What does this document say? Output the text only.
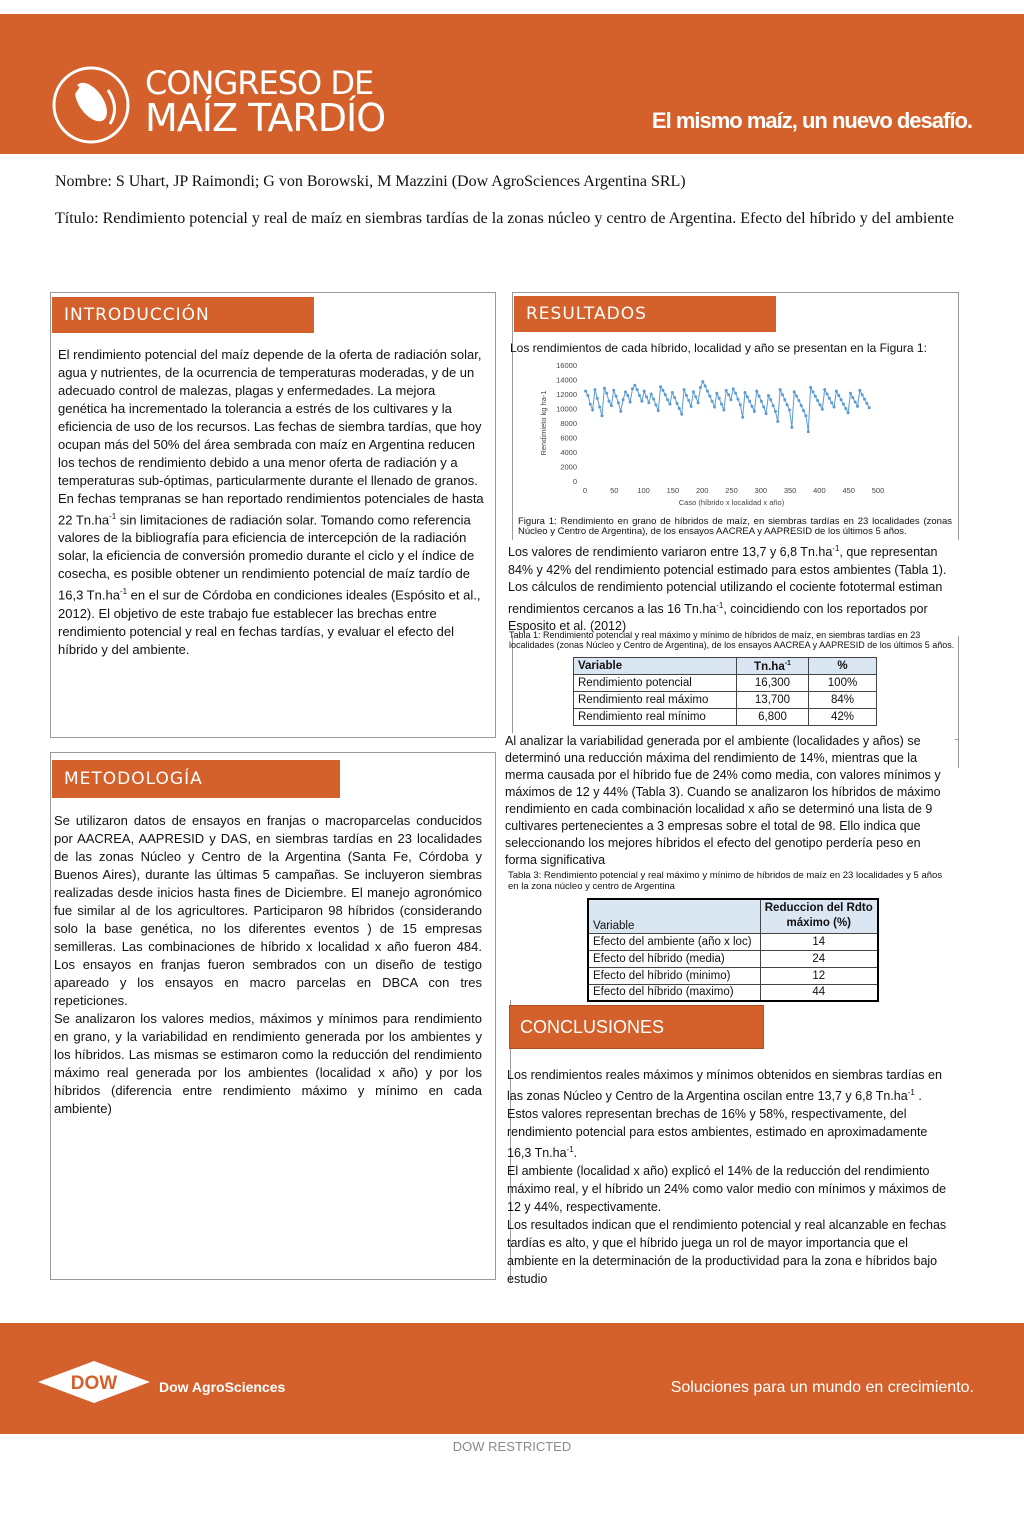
CONGRESO DE
MAÍZ TARDÍO	El mismo maíz, un nuevo desafío.
Nombre: S Uhart, JP Raimondi; G von Borowski, M Mazzini (Dow AgroSciences Argentina SRL)
Título: Rendimiento potencial y real de maíz en siembras tardías de la zonas núcleo y centro de Argentina. Efecto del híbrido y del ambiente
INTRODUCCIÓN
El rendimiento potencial del maíz depende de la oferta de radiación solar, agua y nutrientes, de la ocurrencia de temperaturas moderadas, y de un adecuado control de malezas, plagas y enfermedades. La mejora genética ha incrementado la tolerancia a estrés de los cultivares y la eficiencia de uso de los recursos. Las fechas de siembra tardías, que hoy ocupan más del 50% del área sembrada con maíz en Argentina reducen los techos de rendimiento debido a una menor oferta de radiación y a temperaturas sub-óptimas, particularmente durante el llenado de granos. En fechas tempranas se han reportado rendimientos potenciales de hasta 22 $Tn.ha^{-1}$ sin limitaciones de radiación solar. Tomando como referencia valores de la bibliografía para eficiencia de intercepción de la radiación solar, la eficiencia de conversión promedio durante el ciclo y el índice de cosecha, es posible obtener un rendimiento potencial de maíz tardío de 16,3 $Tn.ha^{-1}$ en el sur de Córdoba en condiciones ideales (Espósito et al., 2012). El objetivo de este trabajo fue establecer las brechas entre rendimiento potencial y real en fechas tardías, y evaluar el efecto del híbrido y del ambiente.
METODOLOGÍA
Se utilizaron datos de ensayos en franjas o macroparcelas conducidos por AACREA, AAPRESID y DAS, en siembras tardías en 23 localidades de las zonas Núcleo y Centro de la Argentina (Santa Fe, Córdoba y Buenos Aires), durante las últimas 5 campañas. Se incluyeron siembras realizadas desde inicios hasta fines de Diciembre. El manejo agronómico fue similar al de los agricultores. Participaron 98 híbridos (considerando solo la base genética, no los diferentes eventos ) de 15 empresas semilleras. Las combinaciones de híbrido x localidad x año fueron 484. Los ensayos en franjas fueron sembrados con un diseño de testigo apareado y los ensayos en macro parcelas en DBCA con tres repeticiones.
Se analizaron los valores medios, máximos y mínimos para rendimiento en grano, y la variabilidad en rendimiento generada por los ambientes y los híbridos. Las mismas se estimaron como la reducción del rendimiento máximo real generada por los ambientes (localidad x año) y por los híbridos (diferencia entre rendimiento máximo y mínimo en cada ambiente)
RESULTADOS
Los rendimientos de cada híbrido, localidad y año se presentan en la Figura 1:
0
2000
4000
6000
8000
10000
12000
14000
16000
0	50	100 150 200 250 300 350 400 450 500
Caso (híbrido x localidad x año)
Rendimieto kg ha-1
Figura 1: Rendimiento en grano de híbridos de maíz, en siembras tardías en 23 localidades (zonas Núcleo y Centro de Argentina), de los ensayos AACREA y AAPRESID de los últimos 5 años.
Los valores de rendimiento variaron entre 13,7 y 6,8 $Tn.ha^{-1}$, que representan 84% y 42% del rendimiento potencial estimado para estos ambientes (Tabla 1). Los cálculos de rendimiento potencial utilizando el cociente fototermal estiman rendimientos cercanos a las 16 $Tn.ha^{-1}$, coincidiendo con los reportados por Esposito et al. (2012)
Tabla 1: Rendimiento potencial y real máximo y mínimo de híbridos de maíz, en siembras tardías en 23 localidades (zonas Núcleo y Centro de Argentina), de los ensayos AACREA y AAPRESID de los últimos 5 años.
Variable	$Tn.ha^{-1}$	%
Rendimiento potencial	16,300	100%
Rendimiento real máximo	13,700	84%
Rendimiento real mínimo	6,800	42%
Al analizar la variabilidad generada por el ambiente (localidades y años) se determinó una reducción máxima del rendimiento de 14%, mientras que la merma causada por el híbrido fue de 24% como media, con valores mínimos y máximos de 12 y 44% (Tabla 3). Cuando se analizaron los híbridos de máximo rendimiento en cada combinación localidad x año se determinó una lista de 9 cultivares pertenecientes a 3 empresas sobre el total de 98. Ello indica que seleccionando los mejores híbridos el efecto del genotipo perdería peso en forma significativa
Tabla 3: Rendimiento potencial y real máximo y mínimo de híbridos de maíz en 23 localidades y 5 años en la zona núcleo y centro de Argentina
Variable	Reduccion del Rdto máximo (%)
Efecto del ambiente (año x loc)	14
Efecto del híbrido (media)	24
Efecto del híbrido (minimo)	12
Efecto del híbrido (maximo)	44
CONCLUSIONES
Los rendimientos reales máximos y mínimos obtenidos en siembras tardías en las zonas Núcleo y Centro de la Argentina oscilan entre 13,7 y 6,8 $Tn.ha^{-1}$ . Estos valores representan brechas de 16% y 58%, respectivamente, del rendimiento potencial para estos ambientes, estimado en aproximadamente 16,3 $Tn.ha^{-1}$.
El ambiente (localidad x año) explicó el 14% de la reducción del rendimiento máximo real, y el híbrido un 24% como valor medio con mínimos y máximos de 12 y 44%, respectivamente.
Los resultados indican que el rendimiento potencial y real alcanzable en fechas tardías es alto, y que el híbrido juega un rol de mayor importancia que el ambiente en la determinación de la productividad para la zona e híbridos bajo estudio
DOW	Dow AgroSciences	Soluciones para un mundo en crecimiento.
DOW RESTRICTED
